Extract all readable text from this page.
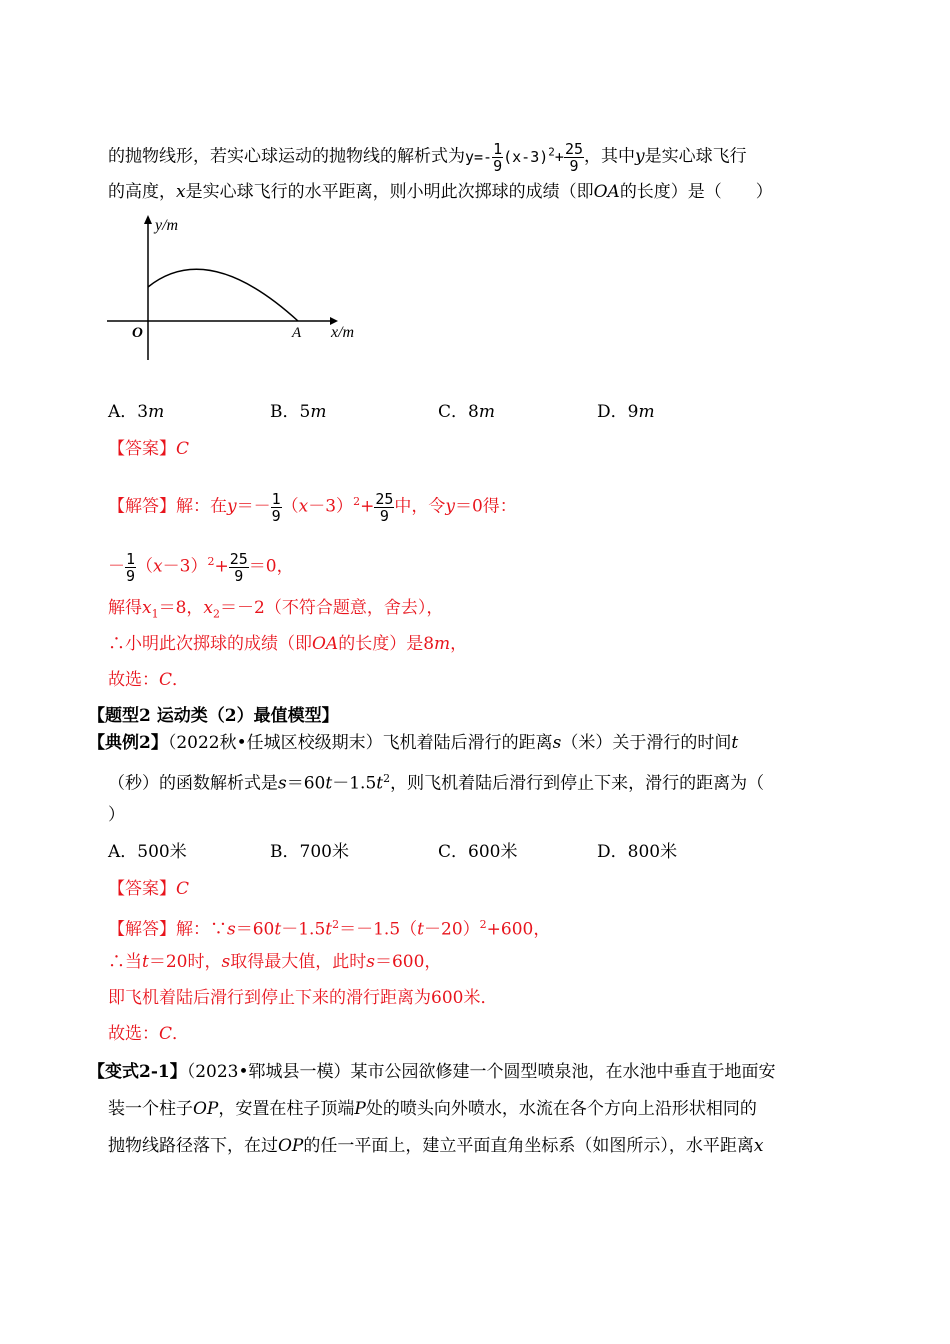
的抛物线形，若实心球运动的抛物线的解析式为$y=- \frac{1}{9} (x-3)^2+ \frac{25}{9}$ ，其中y是实心球飞行
的高度，x是实心球飞行的水平距离，则小明此次掷球的成绩（即OA的长度）是（　　）
y/m
x/m
O	A
A．3m	B．5m	C．8m	D．9m
【答案】C
【解答】解：在$y=- \frac{1}{9} (x-3)^2+ \frac{25}{9}$ 中，令y＝0得：
－ $\frac{1}{9} (x-3)^2+ \frac{25}{9} =0$，
解得$x_1=8$，$x_2=-2$（不符合题意，舍去），
∴小明此次掷球的成绩（即OA的长度）是8m，
故选：C．
【题型2 运动类（2）最值模型】
【典例2】（2022秋•任城区校级期末）飞机着陆后滑行的距离s（米）关于滑行的时间t
（秒）的函数解析式是$s=60t-1.5t^2$，则飞机着陆后滑行到停止下来，滑行的距离为（
）
A．500米	B．700米	C．600米	D．800米
【答案】C
【解答】解：$\because s=60t-1.5t^2=-1.5(t-20)^2+600$，
∴当t＝20时，s取得最大值，此时s＝600，
即飞机着陆后滑行到停止下来的滑行距离为600米．
故选：C．
【变式2-1】（2023•郓城县一模）某市公园欲修建一个圆型喷泉池，在水池中垂直于地面安
装一个柱子OP，安置在柱子顶端P处的喷头向外喷水，水流在各个方向上沿形状相同的
抛物线路径落下，在过OP的任一平面上，建立平面直角坐标系（如图所示），水平距离x
